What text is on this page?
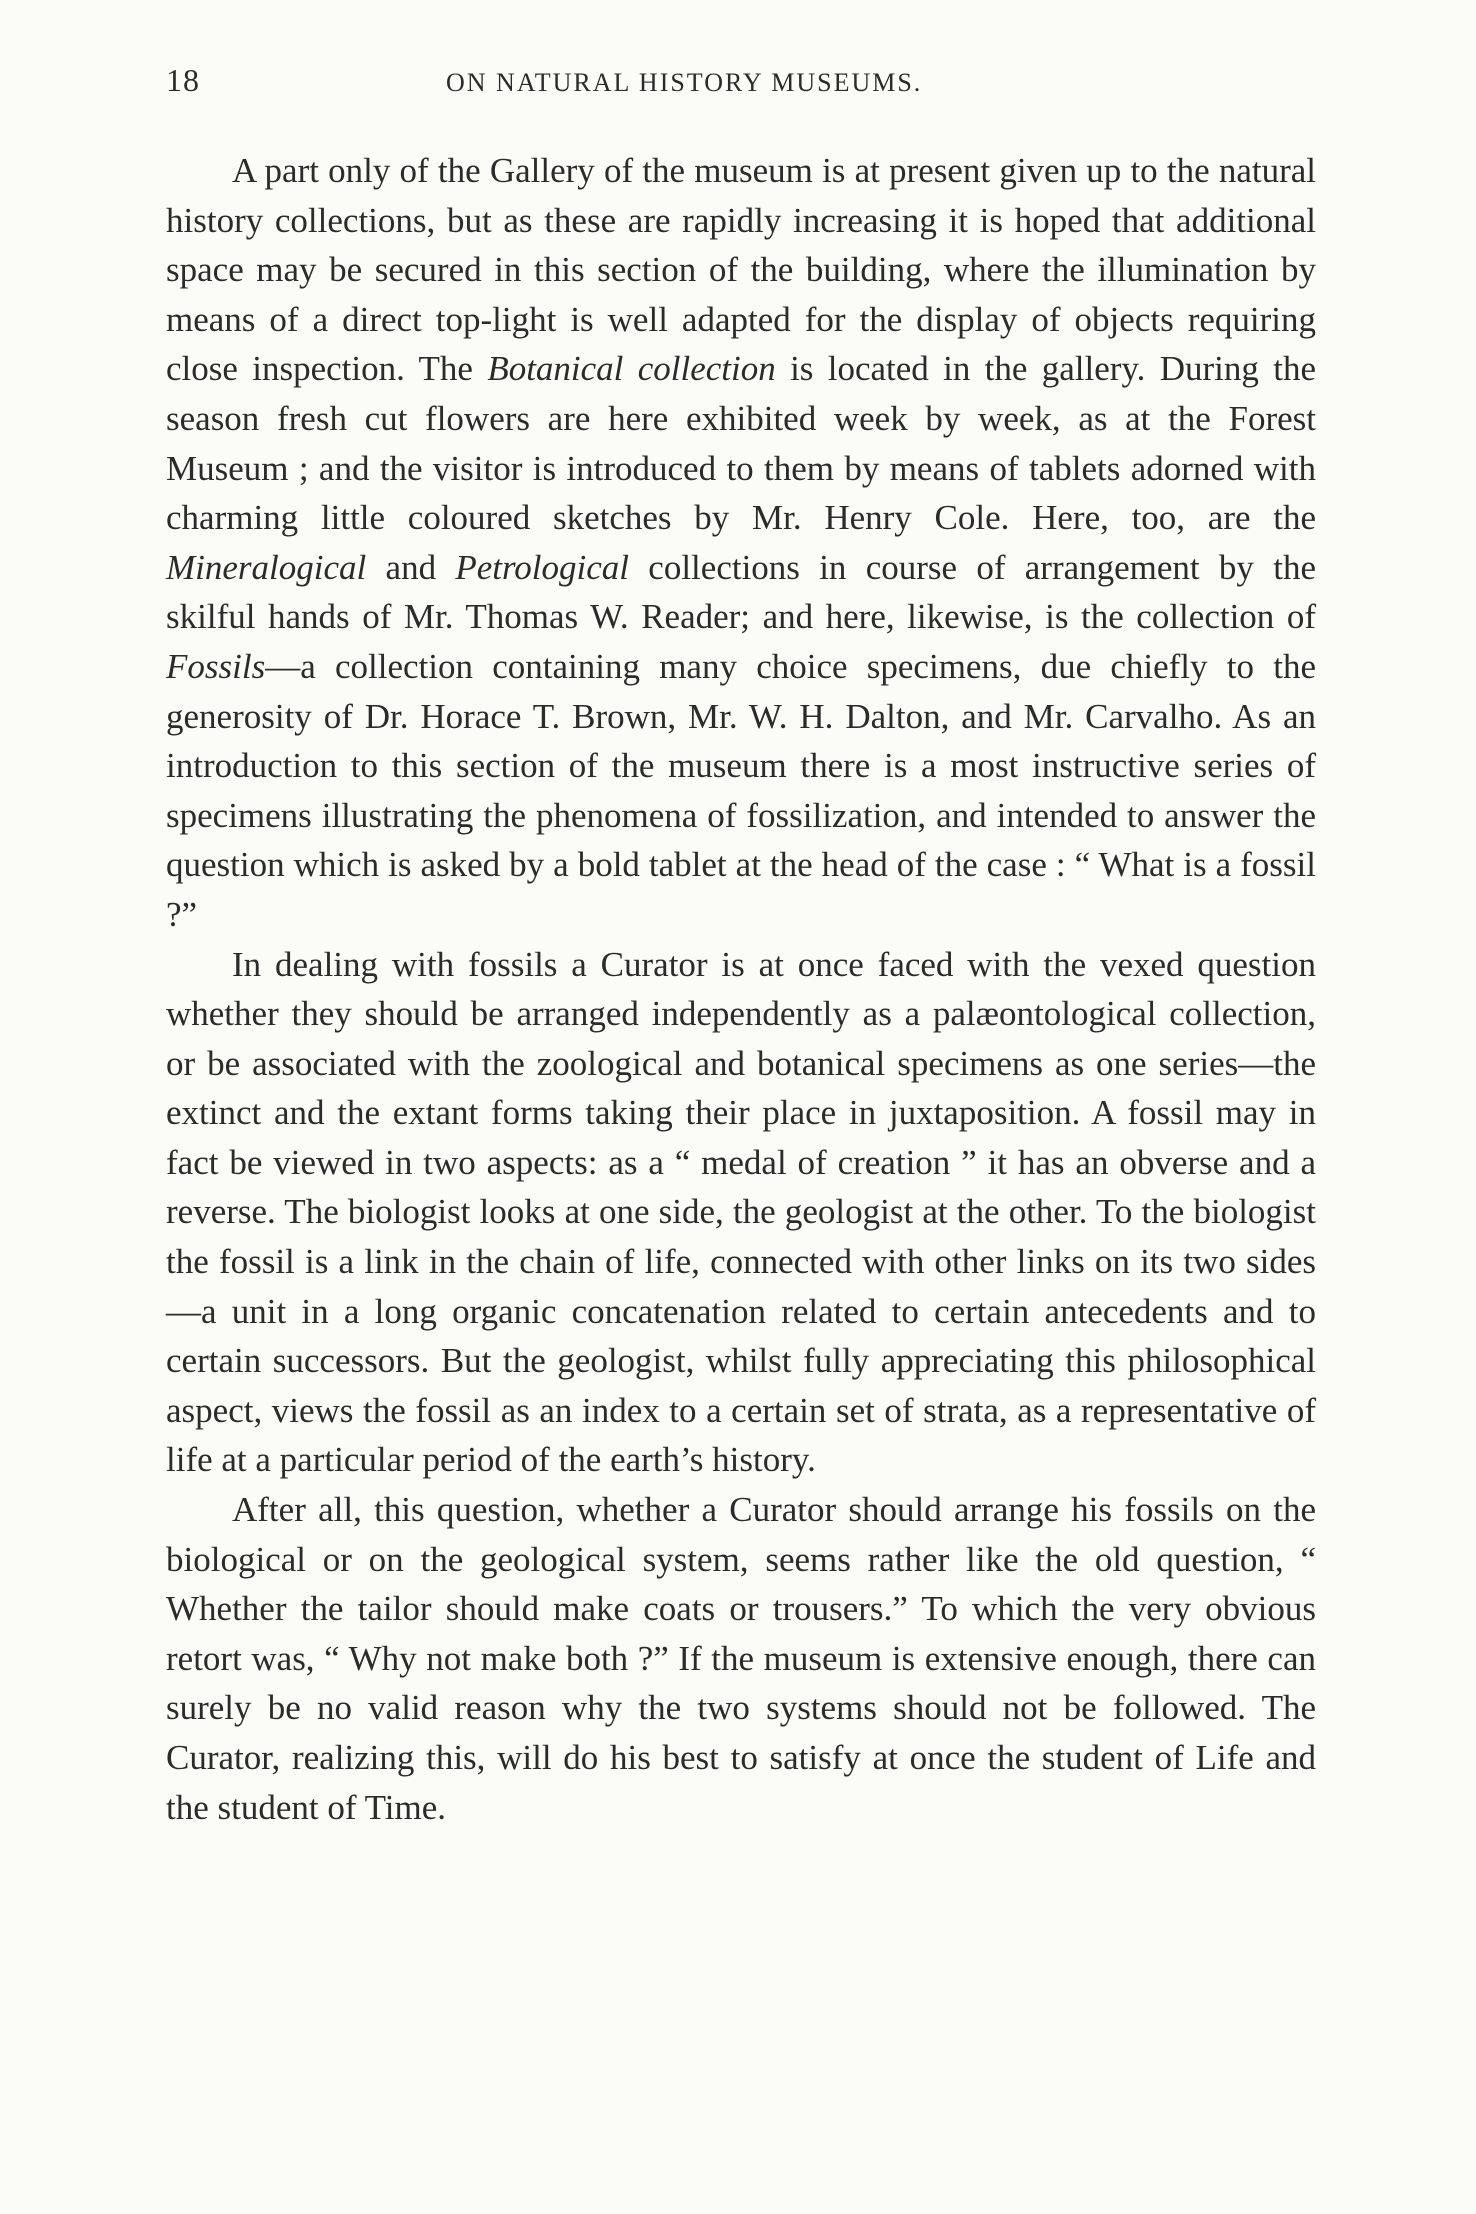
18	ON NATURAL HISTORY MUSEUMS.

A part only of the Gallery of the museum is at present given up to the natural history collections, but as these are rapidly increasing it is hoped that additional space may be secured in this section of the building, where the illumination by means of a direct top-light is well adapted for the display of objects requiring close inspection. The Botanical collection is located in the gallery. During the season fresh cut flowers are here exhibited week by week, as at the Forest Museum ; and the visitor is introduced to them by means of tablets adorned with charming little coloured sketches by Mr. Henry Cole. Here, too, are the Mineralogical and Petrological collections in course of arrangement by the skilful hands of Mr. Thomas W. Reader; and here, likewise, is the collection of Fossils—a collection containing many choice specimens, due chiefly to the generosity of Dr. Horace T. Brown, Mr. W. H. Dalton, and Mr. Carvalho. As an introduction to this section of the museum there is a most instructive series of specimens illustrating the phenomena of fossilization, and intended to answer the question which is asked by a bold tablet at the head of the case : “ What is a fossil ?”

In dealing with fossils a Curator is at once faced with the vexed question whether they should be arranged independently as a palæontological collection, or be associated with the zoological and botanical specimens as one series—the extinct and the extant forms taking their place in juxtaposition. A fossil may in fact be viewed in two aspects: as a “ medal of creation ” it has an obverse and a reverse. The biologist looks at one side, the geologist at the other. To the biologist the fossil is a link in the chain of life, connected with other links on its two sides—a unit in a long organic concatenation related to certain antecedents and to certain successors. But the geologist, whilst fully appreciating this philosophical aspect, views the fossil as an index to a certain set of strata, as a representative of life at a particular period of the earth’s history.

After all, this question, whether a Curator should arrange his fossils on the biological or on the geological system, seems rather like the old question, “ Whether the tailor should make coats or trousers.” To which the very obvious retort was, “ Why not make both ?” If the museum is extensive enough, there can surely be no valid reason why the two systems should not be followed. The Curator, realizing this, will do his best to satisfy at once the student of Life and the student of Time.
